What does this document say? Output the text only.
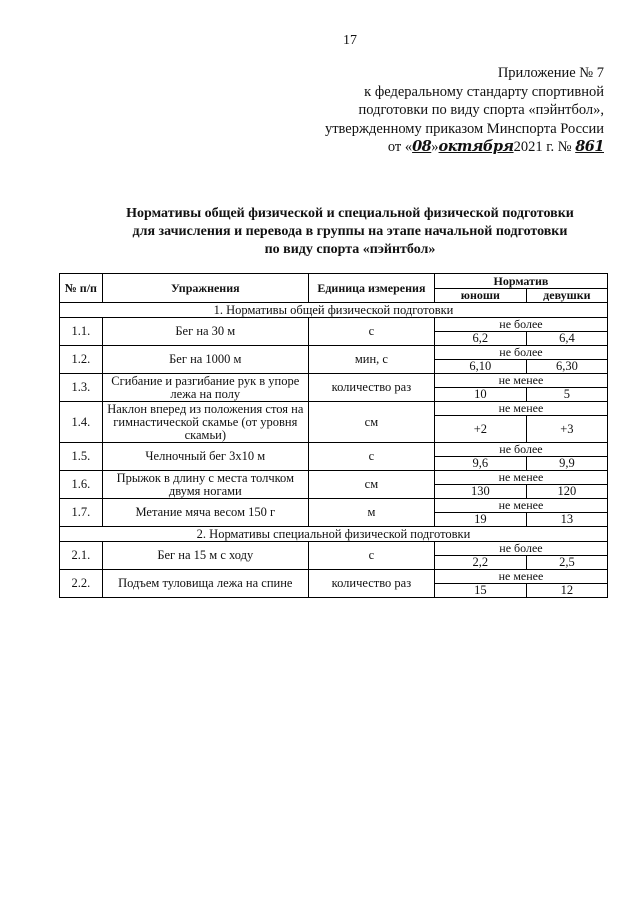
17
Приложение № 7
к федеральному стандарту спортивной
подготовки по виду спорта «пэйнтбол»,
утвержденному приказом Минспорта России
от «08»октября2021 г. № 861
Нормативы общей физической и специальной физической подготовки
для зачисления и перевода в группы на этапе начальной подготовки
по виду спорта «пэйнтбол»
№ п/п	Упражнения	Единица измерения	Норматив	
			юноши	девушки
1. Нормативы общей физической подготовки				
1.1.	Бег на 30 м	с	не более	
			6,2	6,4
1.2.	Бег на 1000 м	мин, с	не более	
			6,10	6,30
1.3.	Сгибание и разгибание рук в упоре лежа на полу	количество раз	не менее	
			10	5
1.4.	Наклон вперед из положения стоя на гимнастической скамье (от уровня скамьи)	см	не менее	
			+2	+3
1.5.	Челночный бег 3х10 м	с	не более	
			9,6	9,9
1.6.	Прыжок в длину с места толчком двумя ногами	см	не менее	
			130	120
1.7.	Метание мяча весом 150 г	м	не менее	
			19	13
2. Нормативы специальной физической подготовки				
2.1.	Бег на 15 м с ходу	с	не более	
			2,2	2,5
2.2.	Подъем туловища лежа на спине	количество раз	не менее	
			15	12
